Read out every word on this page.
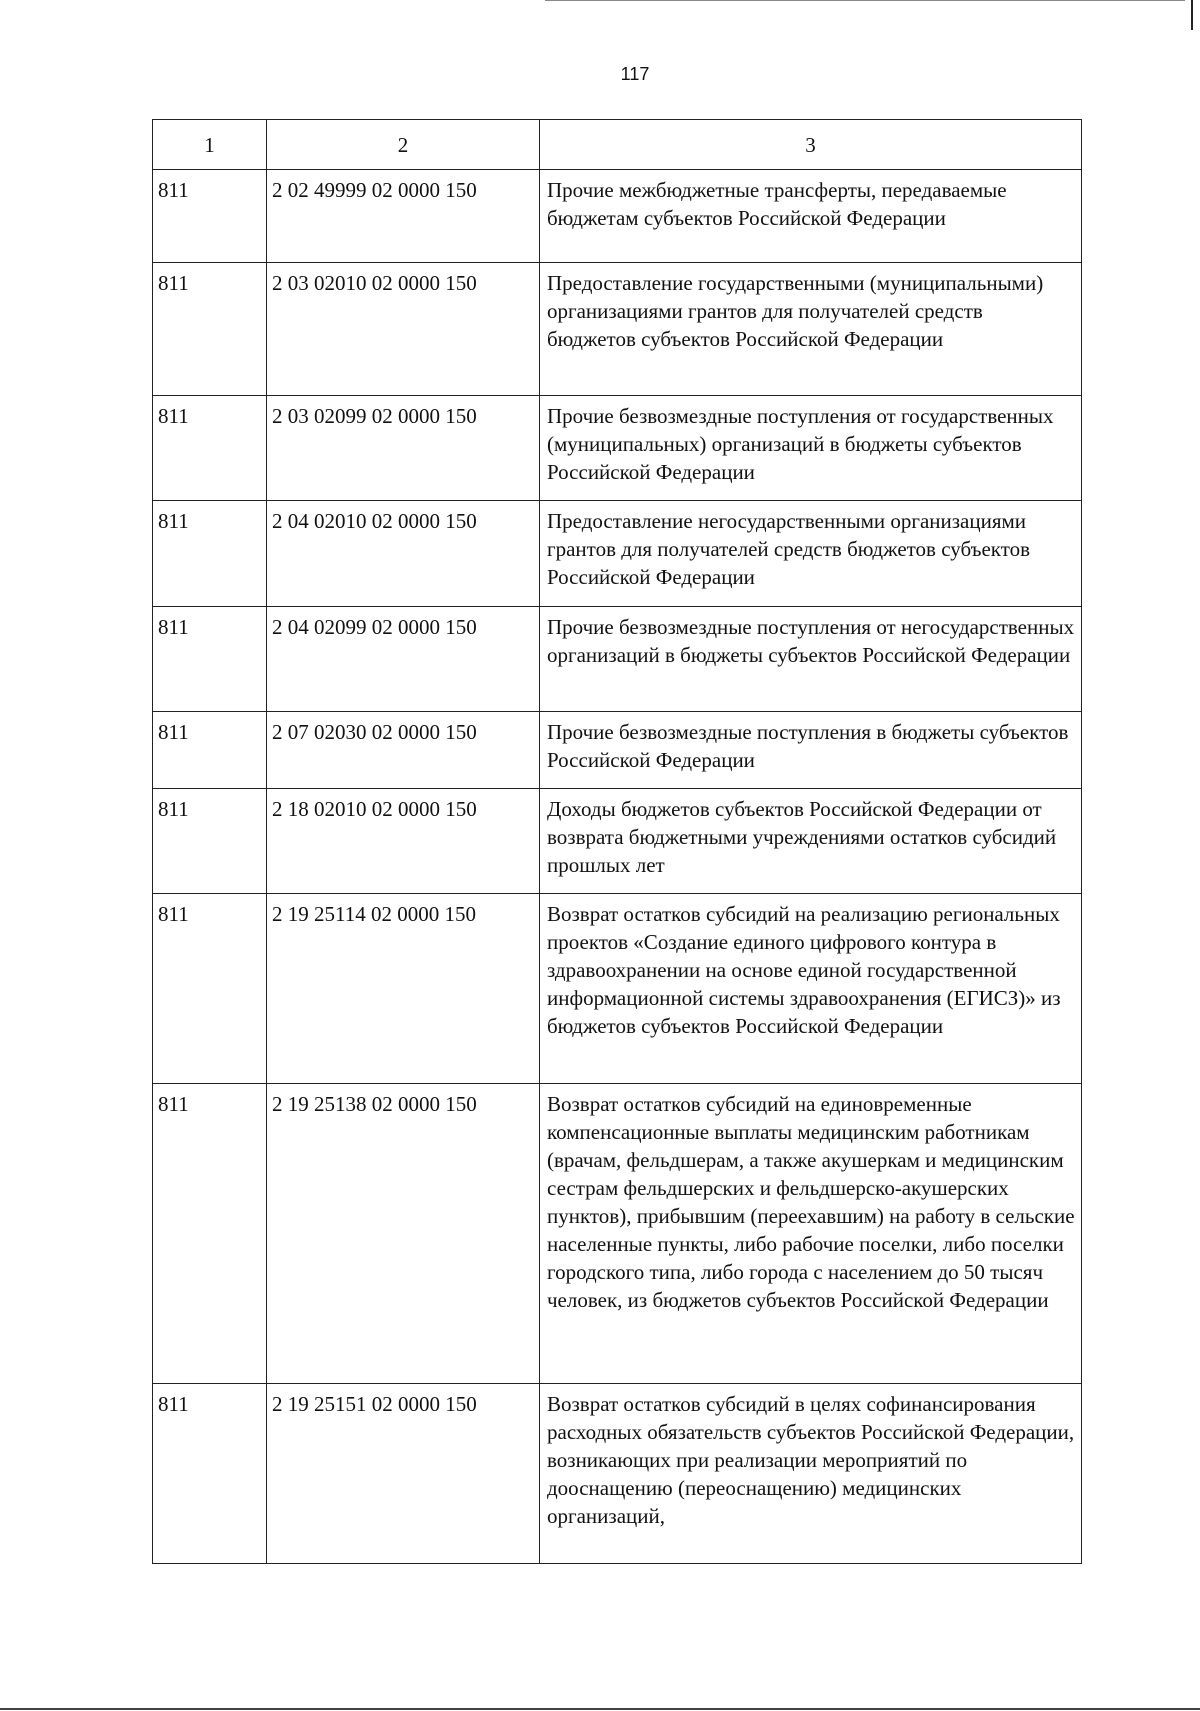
117
1	2	3
811	2 02 49999 02 0000 150	Прочие межбюджетные трансферты, передаваемые бюджетам субъектов Российской Федерации
811	2 03 02010 02 0000 150	Предоставление государственными (муниципальными) организациями грантов для получателей средств бюджетов субъектов Российской Федерации
811	2 03 02099 02 0000 150	Прочие безвозмездные поступления от государственных (муниципальных) организаций в бюджеты субъектов Российской Федерации
811	2 04 02010 02 0000 150	Предоставление негосударственными организациями грантов для получателей средств бюджетов субъектов Российской Федерации
811	2 04 02099 02 0000 150	Прочие безвозмездные поступления от негосударственных организаций в бюджеты субъектов Российской Федерации
811	2 07 02030 02 0000 150	Прочие безвозмездные поступления в бюджеты субъектов Российской Федерации
811	2 18 02010 02 0000 150	Доходы бюджетов субъектов Российской Федерации от возврата бюджетными учреждениями остатков субсидий прошлых лет
811	2 19 25114 02 0000 150	Возврат остатков субсидий на реализацию региональных проектов «Создание единого цифрового контура в здравоохранении на основе единой государственной информационной системы здравоохранения (ЕГИСЗ)» из бюджетов субъектов Российской Федерации
811	2 19 25138 02 0000 150	Возврат остатков субсидий на единовременные компенсационные выплаты медицинским работникам (врачам, фельдшерам, а также акушеркам и медицинским сестрам фельдшерских и фельдшерско-акушерских пунктов), прибывшим (переехавшим) на работу в сельские населенные пункты, либо рабочие поселки, либо поселки городского типа, либо города с населением до 50 тысяч человек, из бюджетов субъектов Российской Федерации
811	2 19 25151 02 0000 150	Возврат остатков субсидий в целях софинансирования расходных обязательств субъектов Российской Федерации, возникающих при реализации мероприятий по дооснащению (переоснащению) медицинских организаций,
